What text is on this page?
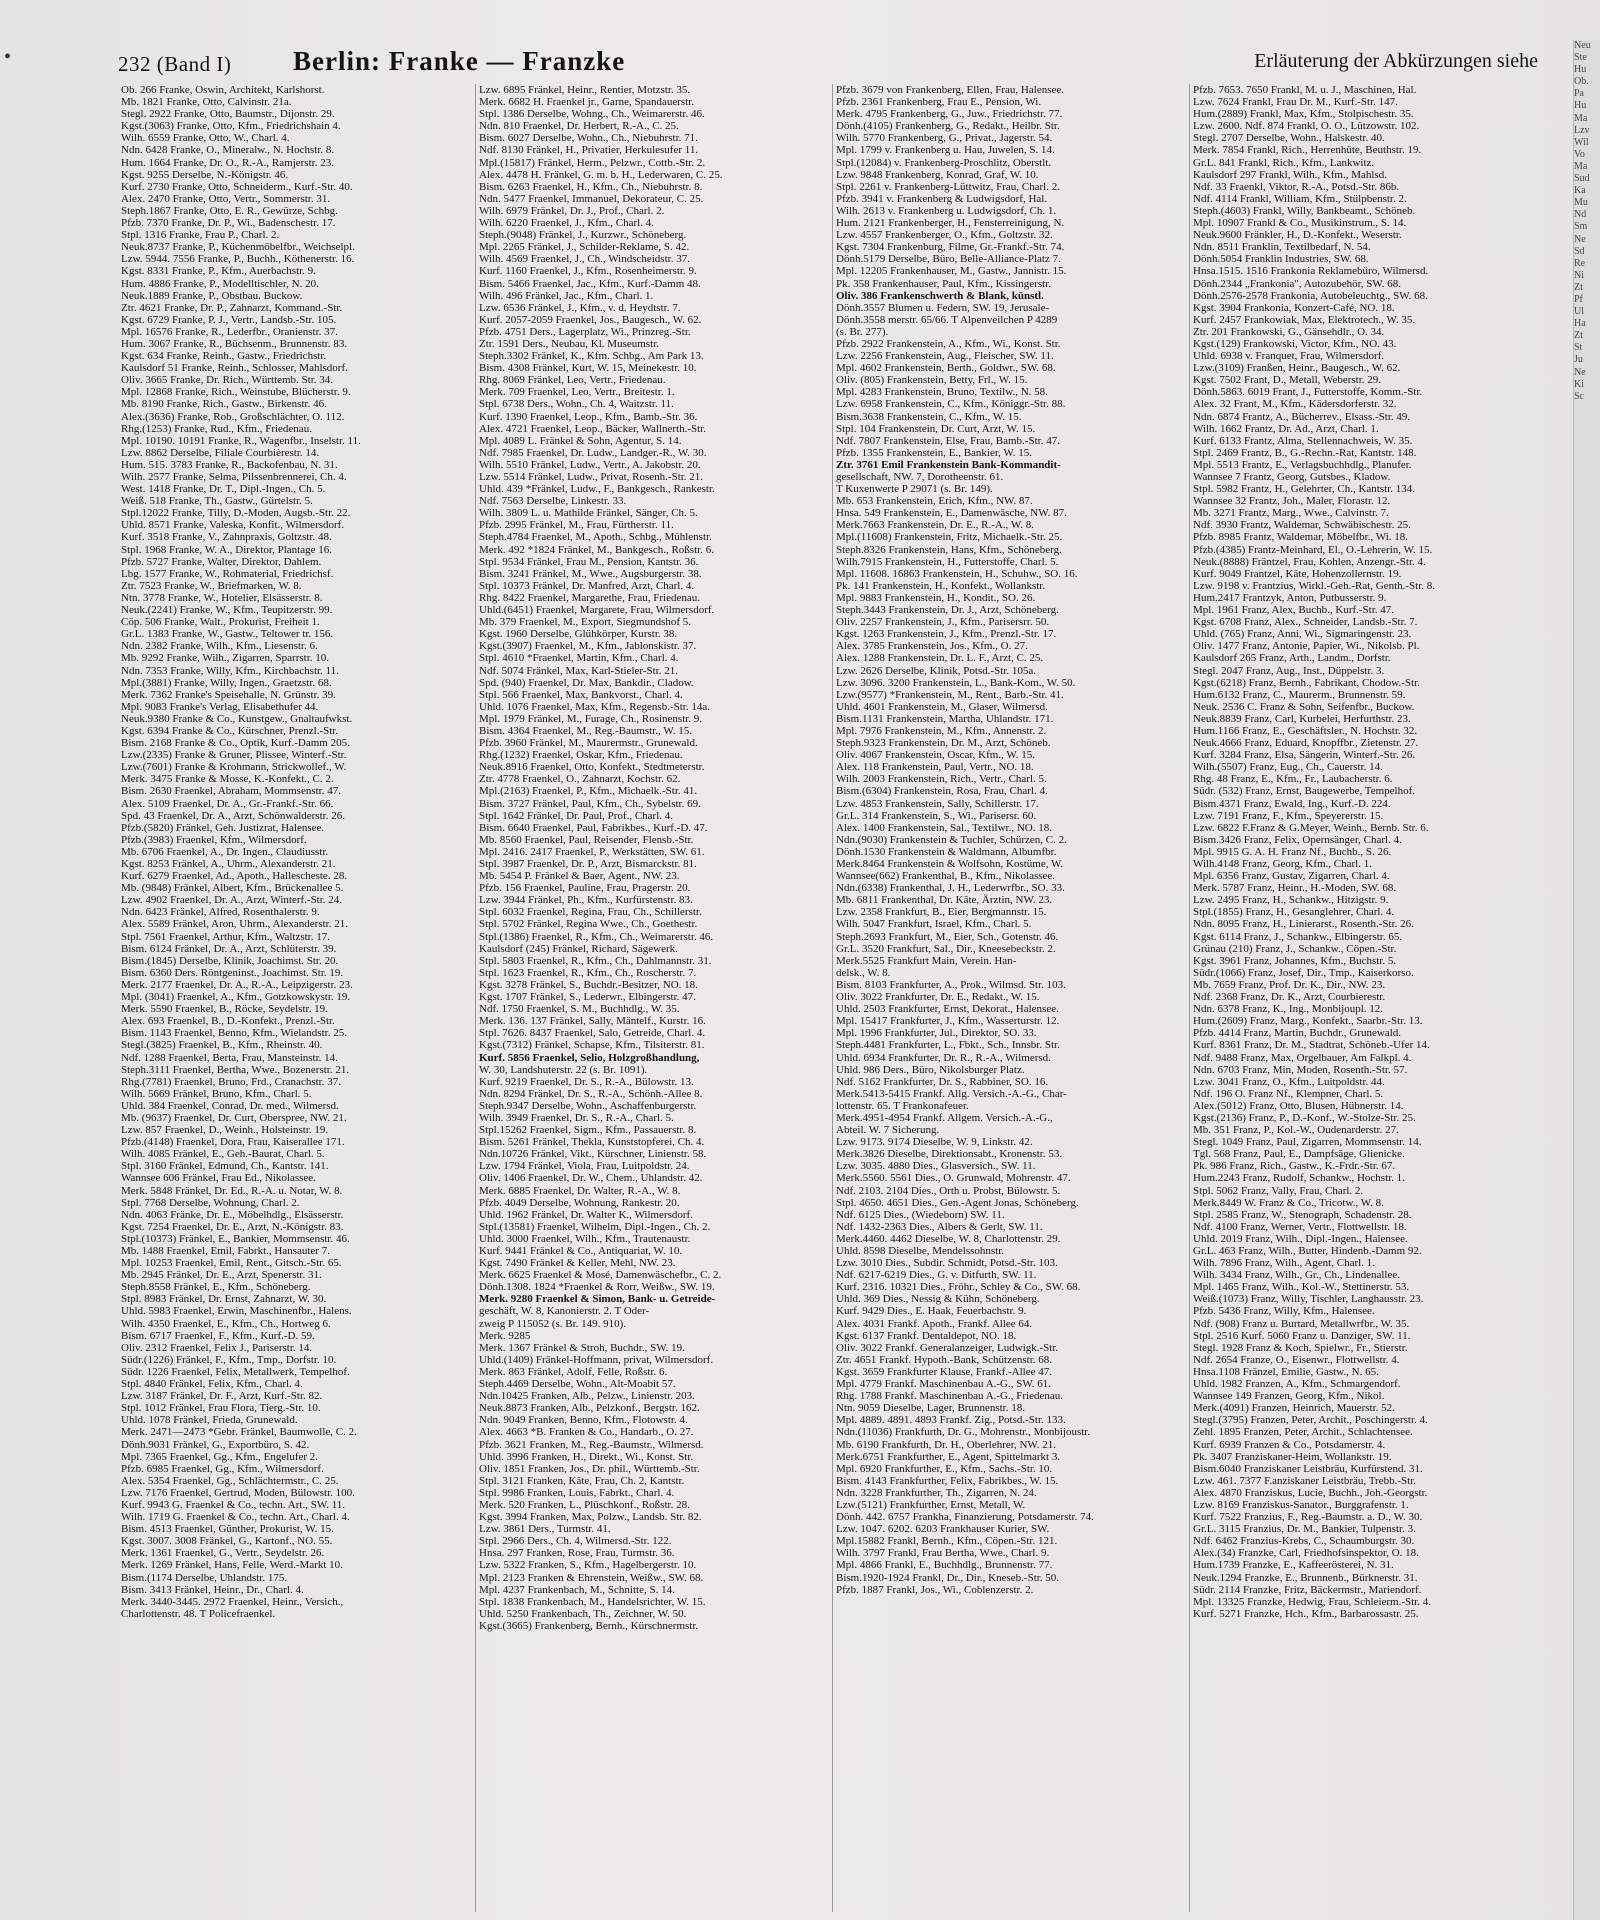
•	232 (Band I) Berlin: Franke — Franzke	Erläuterung der Abkürzungen siehe
Ob. 266 Franke, Oswin, Architekt, Karlshorst.
Mb. 1821 Franke, Otto, Calvinstr. 21a.
Stegl. 2922 Franke, Otto, Baumstr., Dijonstr. 29.
Kgst.(3063) Franke, Otto, Kfm., Friedrichshain 4.
Wilh. 6559 Franke, Otto, W., Charl. 4.
Ndn. 6428 Franke, O., Mineralw., N. Hochstr. 8.
Hum. 1664 Franke, Dr. O., R.-A., Ramjerstr. 23.
Kgst. 9255 Derselbe, N.-Königstr. 46.
Kurf. 2730 Franke, Otto, Schneiderm., Kurf.-Str. 40.
Alex. 2470 Franke, Otto, Vertr., Sommerstr. 31.
Steph.1867 Franke, Otto, E. R., Gewürze, Schbg.
Pfzb. 7370 Franke, Dr. P., Wi., Badenschestr. 17.
Stpl. 1316 Franke, Frau P., Charl. 2.
Neuk.8737 Franke, P., Küchenmöbelfbr., Weichselpl.
Lzw. 5944. 7556 Franke, P., Buchh., Köthenerstr. 16.
Kgst. 8331 Franke, P., Kfm., Auerbachstr. 9.
Hum. 4886 Franke, P., Modelltischler, N. 20.
Neuk.1889 Franke, P., Obstbau. Buckow.
Ztr. 4621 Franke, Dr. P., Zahnarzt, Kommand.-Str.
Kgst. 6729 Franke, P. J., Vertr., Landsb.-Str. 105.
Mpl. 16576 Franke, R., Lederfbr., Oranienstr. 37.
Hum. 3067 Franke, R., Büchsenm., Brunnenstr. 83.
Kgst. 634 Franke, Reinh., Gastw., Friedrichstr.
Kaulsdorf 51 Franke, Reinh., Schlosser, Mahlsdorf.
Oliv. 3665 Franke, Dr. Rich., Württemb. Str. 34.
Mpl. 12868 Franke, Rich., Weinstube, Blücherstr. 9.
Mb. 8190 Franke, Rich., Gastw., Birkenstr. 46.
Alex.(3636) Franke, Rob., Großschlächter, O. 112.
Rhg.(1253) Franke, Rud., Kfm., Friedenau.
Mpl. 10190. 10191 Franke, R., Wagenfbr., Inselstr. 11.
Lzw. 8862 Derselbe, Filiale Courbièrestr. 14.
Hum. 515. 3783 Franke, R., Backofenbau, N. 31.
Wilh. 2577 Franke, Selma, Pilssenbrennerei, Ch. 4.
West. 1418 Franke, Dr. T., Dipl.-Ingen., Ch. 5.
Weiß. 518 Franke, Th., Gastw., Gürtelstr. 5.
Stpl.12022 Franke, Tilly, D.-Moden, Augsb.-Str. 22.
Uhld. 8571 Franke, Valeska, Konfit., Wilmersdorf.
Kurf. 3518 Franke, V., Zahnpraxis, Goltzstr. 48.
Stpl. 1968 Franke, W. A., Direktor, Plantage 16.
Pfzb. 5727 Franke, Walter, Direktor, Dahlem.
Lbg. 1577 Franke, W., Rohmaterial, Friedrichsf.
Ztr. 7523 Franke, W., Briefmarken, W. 8.
Ntn. 3778 Franke, W., Hotelier, Elsässerstr. 8.
Neuk.(2241) Franke, W., Kfm., Teupitzerstr. 99.
Cöp. 506 Franke, Walt., Prokurist, Freiheit 1.
Gr.L. 1383 Franke, W., Gastw., Teltower tr. 156.
Ndn. 2382 Franke, Wilh., Kfm., Liesenstr. 6.
Mb. 9292 Franke, Wilh., Zigarren, Sparrstr. 10.
Ndn. 7353 Franke, Willy, Kfm., Kirchbachstr. 11.
Mpl.(3881) Franke, Willy, Ingen., Graetzstr. 68.
Merk. 7362 Franke's Speisehalle, N. Grünstr. 39.
Mpl. 9083 Franke's Verlag, Elisabethufer 44.
Neuk.9380 Franke & Co., Kunstgew., Gnaltaufwkst.
Kgst. 6394 Franke & Co., Kürschner, Prenzl.-Str.
Bism. 2168 Franke & Co., Optik, Kurf.-Damm 205.
Lzw.(2335) Franke & Gruner, Plissee, Winterf.-Str.
Lzw.(7601) Franke & Krohmann, Strickwollef., W.
Merk. 3475 Franke & Mosse, K.-Konfekt., C. 2.
Bism. 2630 Fraenkel, Abraham, Mommsenstr. 47.
Alex. 5109 Fraenkel, Dr. A., Gr.-Frankf.-Str. 66.
Spd. 43 Fraenkel, Dr. A., Arzt, Schönwalderstr. 26.
Pfzb.(5820) Fränkel, Geh. Justizrat, Halensee.
Pfzb.(3983) Fraenkel, Kfm., Wilmersdorf.
Mb. 6706 Fraenkel, A., Dr. Ingen., Claudiusstr.
Kgst. 8253 Fränkel, A., Uhrm., Alexanderstr. 21.
Kurf. 6279 Fraenkel, Ad., Apoth., Hallescheste. 28.
Mb. (9848) Fränkel, Albert, Kfm., Brückenallee 5.
Lzw. 4902 Fraenkel, Dr. A., Arzt, Winterf.-Str. 24.
Ndn. 6423 Fränkel, Alfred, Rosenthalerstr. 9.
Alex. 5589 Fränkel, Aron, Uhrm., Alexanderstr. 21.
Stpl. 7561 Fraenkel, Arthur, Kfm., Waltzstr. 17.
Bism. 6124 Fränkel, Dr. A., Arzt, Schlüterstr. 39.
Bism.(1845) Derselbe, Klinik, Joachimst. Str. 20.
Bism. 6360 Ders. Röntgeninst., Joachimst. Str. 19.
Merk. 2177 Fraenkel, Dr. A., R.-A., Leipzigerstr. 23.
Mpl. (3041) Fraenkel, A., Kfm., Gotzkowskystr. 19.
Merk. 5590 Fraenkel, B., Röcke, Seydelstr. 19.
Alex. 693 Fraenkel, B., D.-Konfekt., Prenzl.-Str.
Bism. 1143 Fraenkel, Benno, Kfm., Wielandstr. 25.
Stegl.(3825) Fraenkel, B., Kfm., Rheinstr. 40.
Ndf. 1288 Fraenkel, Berta, Frau, Mansteinstr. 14.
Steph.3111 Fraenkel, Bertha, Wwe., Bozenerstr. 21.
Rhg.(7781) Fraenkel, Bruno, Frd., Cranachstr. 37.
Wilh. 5669 Fränkel, Bruno, Kfm., Charl. 5.
Uhld. 384 Fraenkel, Conrad, Dr. med., Wilmersd.
Mb. (9637) Fraenkel, Dr. Curt, Oberspree, NW. 21.
Lzw. 857 Fraenkel, D., Weinh., Holsteinstr. 19.
Pfzb.(4148) Fraenkel, Dora, Frau, Kaiserallee 171.
Wilh. 4085 Fränkel, E., Geh.-Baurat, Charl. 5.
Stpl. 3160 Fränkel, Edmund, Ch., Kantstr. 141.
Wannsee 606 Fränkel, Frau Ed., Nikolassee.
Merk. 5848 Fränkel, Dr. Ed., R.-A. u. Notar, W. 8.
Stpl. 7768 Derselbe, Wohnung, Charl. 2.
Ndn. 4063 Fränke, Dr. E., Möbelhdlg., Elsässerstr.
Kgst. 7254 Fraenkel, Dr. E., Arzt, N.-Königstr. 83.
Stpl.(10373) Fränkel, E., Bankier, Mommsenstr. 46.
Mb. 1488 Fraenkel, Emil, Fabrkt., Hansauter 7.
Mpl. 10253 Fraenkel, Emil, Rent., Gitsch.-Str. 65.
Mb. 2945 Fränkel, Dr. E., Arzt, Spenerstr. 31.
Steph.8558 Fränkel, E., Kfm., Schöneberg.
Stpl. 8983 Fränkel, Dr. Ernst, Zahnarzt, W. 30.
Uhld. 5983 Fraenkel, Erwin, Maschinenfbr., Halens.
Wilh. 4350 Fraenkel, E., Kfm., Ch., Hortweg 6.
Bism. 6717 Fraenkel, F., Kfm., Kurf.-D. 59.
Oliv. 2312 Fraenkel, Felix J., Pariserstr. 14.
Südr.(1226) Fränkel, F., Kfm., Tmp., Dorfstr. 10.
Südr. 1226 Fraenkel, Felix, Metallwerk, Tempelhof.
Stpl. 4840 Fränkel, Felix, Kfm., Charl. 4.
Lzw. 3187 Fränkel, Dr. F., Arzt, Kurf.-Str. 82.
Stpl. 1012 Fränkel, Frau Flora, Tierg.-Str. 10.
Uhld. 1078 Fränkel, Frieda, Grunewald.
Merk. 2471—2473 *Gebr. Fränkel, Baumwolle, C. 2.
Dönh.9031 Fränkel, G., Exportbüro, S. 42.
Mpl. 7365 Fraenkel, Gg., Kfm., Engelufer 2.
Pfzb. 6985 Fraenkel, Gg., Kfm., Wilmersdorf.
Alex. 5354 Fraenkel, Gg., Schlächtermstr., C. 25.
Lzw. 7176 Fraenkel, Gertrud, Moden, Bülowstr. 100.
Kurf. 9943 G. Fraenkel & Co., techn. Art., SW. 11.
Wilh. 1719 G. Fraenkel & Co., techn. Art., Charl. 4.
Bism. 4513 Fraenkel, Günther, Prokurist, W. 15.
Kgst. 3007. 3008 Fränkel, G., Kartonf., NO. 55.
Merk. 1361 Fraenkel, G., Vertr., Seydelstr. 26.
Merk. 1269 Fränkel, Hans, Felle, Werd.-Markt 10.
Bism.(1174 Derselbe, Uhlandstr. 175.
Bism. 3413 Fränkel, Heinr., Dr., Charl. 4.
Merk. 3440-3445. 2972 Fraenkel, Heinr., Versich.,
Charlottenstr. 48. T Policefraenkel.
Lzw. 6895 Fränkel, Heinr., Rentier, Motzstr. 35.
Merk. 6682 H. Fraenkel jr., Garne, Spandauerstr.
Stpl. 1386 Derselbe, Wohng., Ch., Weimarerstr. 46.
Ndn. 810 Fraenkel, Dr. Herbert, R.-A., C. 25.
Bism. 6027 Derselbe, Wohn., Ch., Niebuhrstr. 71.
Ndf. 8130 Fränkel, H., Privatier, Herkulesufer 11.
Mpl.(15817) Fränkel, Herm., Pelzwr., Cottb.-Str. 2.
Alex. 4478 H. Fränkel, G. m. b. H., Lederwaren, C. 25.
Bism. 6263 Fraenkel, H., Kfm., Ch., Niebuhrstr. 8.
Ndn. 5477 Fraenkel, Immanuel, Dekorateur, C. 25.
Wilh. 6979 Fränkel, Dr. J., Prof., Charl. 2.
Wilh. 6220 Fraenkel, J., Kfm., Charl. 4.
Steph.(9048) Fränkel, J., Kurzwr., Schöneberg.
Mpl. 2265 Fränkel, J., Schilder-Reklame, S. 42.
Wilh. 4569 Fraenkel, J., Ch., Windscheidstr. 37.
Kurf. 1160 Fraenkel, J., Kfm., Rosenheimerstr. 9.
Bism. 5466 Fraenkel, Jac., Kfm., Kurf.-Damm 48.
Wilh. 496 Fränkel, Jac., Kfm., Charl. 1.
Lzw. 6536 Fränkel, J., Kfm., v. d. Heydtstr. 7.
Kurf. 2057-2059 Fraenkel, Jos., Baugesch., W. 62.
Pfzb. 4751 Ders., Lagerplatz, Wi., Prinzreg.-Str.
Ztr. 1591 Ders., Neubau, Kl. Museumstr.
Steph.3302 Fränkel, K., Kfm. Schbg., Am Park 13.
Bism. 4308 Fränkel, Kurt, W. 15, Meinekestr. 10.
Rhg. 8069 Fränkel, Leo, Vertr., Friedenau.
Merk. 709 Fraenkel, Leo, Vertr., Breitestr. 1.
Stpl. 6738 Ders., Wohn., Ch. 4, Waitzstr. 11.
Kurf. 1390 Fraenkel, Leop., Kfm., Bamb.-Str. 36.
Alex. 4721 Fraenkel, Leop., Bäcker, Wallnerth.-Str.
Mpl. 4089 L. Fränkel & Sohn, Agentur, S. 14.
Ndf. 7985 Fraenkel, Dr. Ludw., Landger.-R., W. 30.
Wilh. 5510 Fränkel, Ludw., Vertr., A. Jakobstr. 20.
Lzw. 5514 Fränkel, Ludw., Privat, Rosenh.-Str. 21.
Uhld. 439 *Fränkel, Ludw., F., Bankgesch., Rankestr.
Ndf. 7563 Derselbe, Linkestr. 33.
Wilh. 3809 L. u. Mathilde Fränkel, Sänger, Ch. 5.
Pfzb. 2995 Fränkel, M., Frau, Fürtherstr. 11.
Steph.4784 Fraenkel, M., Apoth., Schbg., Mühlenstr.
Merk. 492 *1824 Fränkel, M., Bankgesch., Roßstr. 6.
Stpl. 9534 Fränkel, Frau M., Pension, Kantstr. 36.
Bism. 3241 Fränkel, M., Wwe., Augsburgerstr. 38.
Stpl. 10373 Fränkel, Dr. Manfred, Arzt, Charl. 4.
Rhg. 8422 Fraenkel, Margarethe, Frau, Friedenau.
Uhld.(6451) Fraenkel, Margarete, Frau, Wilmersdorf.
Mb. 379 Fraenkel, M., Export, Siegmundshof 5.
Kgst. 1960 Derselbe, Glühkörper, Kurstr. 38.
Kgst.(3907) Fraenkel, M., Kfm., Jablonskistr. 37.
Stpl. 4610 *Fraenkel, Martin, Kfm., Charl. 4.
Ndf. 5074 Fränkel, Max, Karl-Stieler-Str. 21.
Spd. (940) Fraenkel, Dr. Max, Bankdir., Cladow.
Stpl. 566 Fraenkel, Max, Bankvorst., Charl. 4.
Uhld. 1076 Fraenkel, Max, Kfm., Regensb.-Str. 14a.
Mpl. 1979 Fränkel, M., Furage, Ch., Rosinenstr. 9.
Bism. 4364 Fraenkel, M., Reg.-Baumstr., W. 15.
Pfzb. 3960 Fränkel, M., Maurermstr., Grunewald.
Rhg.(1232) Fraenkel, Oskar, Kfm., Friedenau.
Neuk.8916 Fraenkel, Otto, Konfekt., Stedtmeterstr.
Ztr. 4778 Fraenkel, O., Zahnarzt, Kochstr. 62.
Mpl.(2163) Fraenkel, P., Kfm., Michaelk.-Str. 41.
Bism. 3727 Fränkel, Paul, Kfm., Ch., Sybelstr. 69.
Stpl. 1642 Fränkel, Dr. Paul, Prof., Charl. 4.
Bism. 6640 Fraenkel, Paul, Fabrikbes., Kurf.-D. 47.
Mb. 8560 Fraenkel, Paul, Reisender, Flensb.-Str.
Mpl. 2416. 2417 Fraenkel, P., Werkstätten, SW. 61.
Stpl. 3987 Fraenkel, Dr. P., Arzt, Bismarckstr. 81.
Mb. 5454 P. Fränkel & Baer, Agent., NW. 23.
Pfzb. 156 Fraenkel, Pauline, Frau, Pragerstr. 20.
Lzw. 3944 Fränkel, Ph., Kfm., Kurfürstenstr. 83.
Stpl. 6032 Fraenkel, Regina, Frau, Ch., Schillerstr.
Stpl. 5702 Fränkel, Regina Wwe., Ch., Goethestr.
Stpl.(1386) Fraenkel, R., Kfm., Ch., Weimarerstr. 46.
Kaulsdorf (245) Fränkel, Richard, Sägewerk.
Stpl. 5803 Fraenkel, R., Kfm., Ch., Dahlmannstr. 31.
Stpl. 1623 Fraenkel, R., Kfm., Ch., Roscherstr. 7.
Kgst. 3278 Fränkel, S., Buchdr.-Besitzer, NO. 18.
Kgst. 1707 Fränkel, S., Lederwr., Elbingerstr. 47.
Ndf. 1750 Fraenkel, S. M., Buchhdlg., W. 35.
Merk. 136. 137 Fränkel, Sally, Mäntelf., Kurstr. 16.
Stpl. 7626. 8437 Fraenkel, Salo, Getreide, Charl. 4.
Kgst.(7312) Fränkel, Schapse, Kfm., Tilsiterstr. 81.
Kurf. 5856 Fraenkel, Selio, Holzgroßhandlung,
W. 30, Landshuterstr. 22 (s. Br. 1091).
Kurf. 9219 Fraenkel, Dr. S., R.-A., Bülowstr. 13.
Ndn. 8294 Fränkel, Dr. S., R.-A., Schönh.-Allee 8.
Steph.9347 Derselbe, Wohn., Aschaffenburgerstr.
Wilh. 3949 Fraenkel, Dr. S., R.-A., Charl. 5.
Stpl.15262 Fraenkel, Sigm., Kfm., Passauerstr. 8.
Bism. 5261 Fränkel, Thekla, Kunststopferei, Ch. 4.
Ndn.10726 Fränkel, Vikt., Kürschner, Linienstr. 58.
Lzw. 1794 Fränkel, Viola, Frau, Luitpoldstr. 24.
Oliv. 1406 Fraenkel, Dr. W., Chem., Uhlandstr. 42.
Merk. 6885 Fraenkel, Dr. Walter, R.-A., W. 8.
Pfzb. 4049 Derselbe, Wohnung, Rankestr. 20.
Uhld. 1962 Fränkel, Dr. Walter K., Wilmersdorf.
Stpl.(13581) Fraenkel, Wilhelm, Dipl.-Ingen., Ch. 2.
Uhld. 3000 Fraenkel, Wilh., Kfm., Trautenaustr.
Kurf. 9441 Fränkel & Co., Antiquariat, W. 10.
Kgst. 7490 Fränkel & Keller, Mehl, NW. 23.
Merk. 6625 Fraenkel & Mosé, Damenwäschefbr., C. 2.
Dönh.1308. 1824 *Fraenkel & Rorr, Weißw., SW. 19.
Merk. 9280 Fraenkel & Simon, Bank- u. Getreide-
geschäft, W. 8, Kanonierstr. 2. T Oder-
zweig P 115052 (s. Br. 149. 910).
Merk. 9285
Merk. 1367 Fränkel & Stroh, Buchdr., SW. 19.
Uhld.(1409) Fränkel-Hoffmann, privat, Wilmersdorf.
Merk. 863 Fränkel, Adolf, Felle, Roßstr. 6.
Steph.4469 Derselbe, Wohn., Alt-Moabit 57.
Ndn.10425 Franken, Alb., Pelzw., Linienstr. 203.
Neuk.8873 Franken, Alb., Pelzkonf., Bergstr. 162.
Ndn. 9049 Franken, Benno, Kfm., Flotowstr. 4.
Alex. 4663 *B. Franken & Co., Handarb., O. 27.
Pfzb. 3621 Franken, M., Reg.-Baumstr., Wilmersd.
Uhld. 3996 Franken, H., Direkt., Wi., Konst. Str.
Oliv. 1851 Franken, Jos., Dr. phil., Württemb.-Str.
Stpl. 3121 Franken, Käte, Frau, Ch. 2, Kantstr.
Stpl. 9986 Franken, Louis, Fabrkt., Charl. 4.
Merk. 520 Franken, L., Plüschkonf., Roßstr. 28.
Kgst. 3994 Franken, Max, Polzw., Landsb. Str. 82.
Lzw. 3861 Ders., Turmstr. 41.
Stpl. 2966 Ders., Ch. 4, Wilmersd.-Str. 122.
Hnsa. 297 Franken, Rose, Frau, Turmstr. 36.
Lzw. 5322 Franken, S., Kfm., Hagelbergerstr. 10.
Mpl. 2123 Franken & Ehrenstein, Weißw., SW. 68.
Mpl. 4237 Frankenbach, M., Schnitte, S. 14.
Stpl. 1838 Frankenbach, M., Handelsrichter, W. 15.
Uhld. 5250 Frankenbach, Th., Zeichner, W. 50.
Kgst.(3665) Frankenberg, Bernh., Kürschnermstr.
Pfzb. 3679 von Frankenberg, Ellen, Frau, Halensee.
Pfzb. 2361 Frankenberg, Frau E., Pension, Wi.
Merk. 4795 Frankenberg, G., Juw., Friedrichstr. 77.
Dönh.(4105) Frankenberg, G., Redakt., Heilbr. Str.
Wilh. 5770 Frankenberg, G., Privat., Jagerstr. 54.
Mpl. 1799 v. Frankenberg u. Hau, Juwelen, S. 14.
Stpl.(12084) v. Frankenberg-Proschlitz, Oberstlt.
Lzw. 9848 Frankenberg, Konrad, Graf, W. 10.
Stpl. 2261 v. Frankenberg-Lüttwitz, Frau, Charl. 2.
Pfzb. 3941 v. Frankenberg & Ludwigsdorf, Hal.
Wilh. 2613 v. Frankenberg u. Ludwigsdorf, Ch. 1.
Hum. 2121 Frankenberger, H., Fensterreinigung, N.
Lzw. 4557 Frankenberger, O., Kfm., Goltzstr. 32.
Kgst. 7304 Frankenburg, Filme, Gr.-Frankf.-Str. 74.
Dönh.5179 Derselbe, Büro, Belle-Alliance-Platz 7.
Mpl. 12205 Frankenhauser, M., Gastw., Jannistr. 15.
Pk. 358 Frankenhauser, Paul, Kfm., Kissingerstr.
Oliv. 386 Frankenschwerth & Blank, künstl.
Dönh.3557 Blumen u. Federn, SW. 19, Jerusale-
Dönh.3558 merstr. 65/66. T Alpenveilchen P 4289
(s. Br. 277).
Pfzb. 2922 Frankenstein, A., Kfm., Wi., Konst. Str.
Lzw. 2256 Frankenstein, Aug., Fleischer, SW. 11.
Mpl. 4602 Frankenstein, Berth., Goldwr., SW. 68.
Oliv. (805) Frankenstein, Betty, Frl., W. 15.
Mpl. 4283 Frankenstein, Bruno, Textilw., N. 58.
Lzw. 6958 Frankenstein, C., Kfm., Königgr.-Str. 88.
Bism.3638 Frankenstein, C., Kfm., W. 15.
Stpl. 104 Frankenstein, Dr. Curt, Arzt, W. 15.
Ndf. 7807 Frankenstein, Else, Frau, Bamb.-Str. 47.
Pfzb. 1355 Frankenstein, E., Bankier, W. 15.
Ztr. 3761 Emil Frankenstein Bank-Kommandit-
gesellschaft, NW. 7, Dorotheenstr. 61.
T Kuxenwerte P 29071 (s. Br. 149).
Mb. 653 Frankenstein, Erich, Kfm., NW. 87.
Hnsa. 549 Frankenstein, E., Damenwäsche, NW. 87.
Merk.7663 Frankenstein, Dr. E., R.-A., W. 8.
Mpl.(11608) Frankenstein, Fritz, Michaelk.-Str. 25.
Steph.8326 Frankenstein, Hans, Kfm., Schöneberg.
Wilh.7915 Frankenstein, H., Futterstoffe, Charl. 5.
Mpl. 11608. 16863 Frankenstein, H., Schuhw., SO. 16.
Pk. 141 Frankenstein, H., Konfekt., Wollankstr.
Mpl. 9883 Frankenstein, H., Kondit., SO. 26.
Steph.3443 Frankenstein, Dr. J., Arzt, Schöneberg.
Oliv. 2257 Frankenstein, J., Kfm., Parisersrr. 50.
Kgst. 1263 Frankenstein, J., Kfm., Prenzl.-Str. 17.
Alex. 3785 Frankenstein, Jos., Kfm., O. 27.
Alex. 1288 Frankenstein, Dr. L. F., Arzt, C. 25.
Lzw. 2626 Derselbe, Klinik, Potsd.-Str. 105a.
Lzw. 3096. 3200 Frankenstein, L., Bank-Kom., W. 50.
Lzw.(9577) *Frankenstein, M., Rent., Barb.-Str. 41.
Uhld. 4601 Frankenstein, M., Glaser, Wilmersd.
Bism.1131 Frankenstein, Martha, Uhlandstr. 171.
Mpl. 7976 Frankenstein, M., Kfm., Annenstr. 2.
Steph.9323 Frankenstein, Dr. M., Arzt, Schöneb.
Oliv. 4067 Frankenstein, Oscar, Kfm., W. 15.
Alex. 118 Frankenstein, Paul, Vertr., NO. 18.
Wilh. 2003 Frankenstein, Rich., Vertr., Charl. 5.
Bism.(6304) Frankenstein, Rosa, Frau, Charl. 4.
Lzw. 4853 Frankenstein, Sally, Schillerstr. 17.
Gr.L. 314 Frankenstein, S., Wi., Parisersr. 60.
Alex. 1400 Frankenstein, Sal., Textilwr., NO. 18.
Ndn.(9030) Frankenstein & Tuchler, Schürzen, C. 2.
Dönh.1530 Frankenstein & Waldmann, Albumfbr.
Merk.8464 Frankenstein & Wolfsohn, Kostüme, W.
Wannsee(662) Frankenthal, B., Kfm., Nikolassee.
Ndn.(6338) Frankenthal, J. H., Lederwrfbr., SO. 33.
Mb. 6811 Frankenthal, Dr. Käte, Ärztin, NW. 23.
Lzw. 2358 Frankfurt, B., Eier, Bergmannstr. 15.
Wilh. 5047 Frankfurt, Israel, Kfm., Charl. 5.
Steph.2693 Frankfurt, M., Eier, Sch., Gotenstr. 46.
Gr.L. 3520 Frankfurt, Sal., Dir., Kneesebeckstr. 2.
Merk.5525 Frankfurt Main, Verein. Han-
delsk., W. 8.
Bism. 8103 Frankfurter, A., Prok., Wilmsd. Str. 103.
Oliv. 3022 Frankfurter, Dr. E., Redakt., W. 15.
Uhld. 2503 Frankfurter, Ernst, Dekorat., Halensee.
Mpl. 15417 Frankfurter, J., Kfm., Wasserturstr. 12.
Mpl. 1996 Frankfurter, Jul., Direktor, SO. 33.
Steph.4481 Frankfurter, L., Fbkt., Sch., Innsbr. Str.
Uhld. 6934 Frankfurter, Dr. R., R.-A., Wilmersd.
Uhld. 986 Ders., Büro, Nikolsburger Platz.
Ndf. 5162 Frankfurter, Dr. S., Rabbiner, SO. 16.
Merk.5413-5415 Frankf. Allg. Versich.-A.-G., Char-
lottenstr. 65. T Frankonafeuer.
Merk.4951-4954 Frankf. Allgem. Versich.-A.-G.,
Abteil. W. 7 Sicherung.
Lzw. 9173. 9174 Dieselbe, W. 9, Linkstr. 42.
Merk.3826 Dieselbe, Direktionsabt., Kronenstr. 53.
Lzw. 3035. 4880 Dies., Glasversich., SW. 11.
Merk.5560. 5561 Dies., O. Grunwald, Mohrenstr. 47.
Ndf. 2103. 2104 Dies., Orth u. Probst, Bülowstr. 5.
Stpl. 4650. 4651 Dies., Gen.-Agent Jonas, Schöneberg.
Ndf. 6125 Dies., (Wiedeborn) SW. 11.
Ndf. 1432-2363 Dies., Albers & Gerlt, SW. 11.
Merk.4460. 4462 Dieselbe, W. 8, Charlottenstr. 29.
Uhld. 8598 Dieselbe, Mendelssohnstr.
Lzw. 3010 Dies., Subdir. Schmidt, Potsd.-Str. 103.
Ndf. 6217-6219 Dies., G. v. Ditfurth, SW. 11.
Kurf. 2316. 10321 Dies., Fröhr., Schley & Co., SW. 68.
Uhld. 369 Dies., Nessig & Kühn, Schöneberg.
Kurf. 9429 Dies., E. Haak, Feuerbachstr. 9.
Alex. 4031 Frankf. Apoth., Frankf. Allee 64.
Kgst. 6137 Frankf. Dentaldepot, NO. 18.
Oliv. 3022 Frankf. Generalanzeiger, Ludwigk.-Str.
Ztr. 4651 Frankf. Hypoth.-Bank, Schützenstr. 68.
Kgst. 3659 Frankfurter Klause, Frankf.-Allee 47.
Mpl. 4779 Frankf. Maschinenbau A.-G., SW. 61.
Rhg. 1788 Frankf. Maschinenbau A.-G., Friedenau.
Ntn. 9059 Dieselbe, Lager, Brunnenstr. 18.
Mpl. 4889. 4891. 4893 Frankf. Zig., Potsd.-Str. 133.
Ndn.(11036) Frankfurth, Dr. G., Mohrenstr., Monbijoustr.
Mb. 6190 Frankfurth, Dr. H., Oberlehrer, NW. 21.
Merk.6751 Frankfurther, E., Agent, Spittelmarkt 3.
Mpl. 6920 Frankfurther, E., Kfm., Sachs.-Str. 10.
Bism. 4143 Frankfurther, Felix, Fabrikbes., W. 15.
Ndn. 3228 Frankfurther, Th., Zigarren, N. 24.
Lzw.(5121) Frankfurther, Ernst, Metall, W.
Dönh. 442. 6757 Frankha, Finanzierung, Potsdamerstr. 74.
Lzw. 1047. 6202. 6203 Frankhauser Kurier, SW.
Mpl.15882 Frankl, Bernh., Kfm., Cöpen.-Str. 121.
Wilh. 3797 Frankl, Frau Bertha, Wwe., Charl. 9.
Mpl. 4866 Frankl, E., Buchhdlg., Brunnenstr. 77.
Bism.1920-1924 Frankl, Dr., Dir., Kneseb.-Str. 50.
Pfzb. 1887 Frankl, Jos., Wi., Coblenzerstr. 2.
Pfzb. 7653. 7650 Frankl, M. u. J., Maschinen, Hal.
Lzw. 7624 Frankl, Frau Dr. M., Kurf.-Str. 147.
Hum.(2889) Frankl, Max, Kfm., Stolpischestr. 35.
Lzw. 2600. Ndf. 874 Frankl, O. O., Lützowstr. 102.
Stegl. 2707 Derselbe, Wohn., Halskestr. 40.
Merk. 7854 Frankl, Rich., Herrenhüte, Beuthstr. 19.
Gr.L. 841 Frankl, Rich., Kfm., Lankwitz.
Kaulsdorf 297 Frankl, Wilh., Kfm., Mahlsd.
Ndf. 33 Fraenkl, Viktor, R.-A., Potsd.-Str. 86b.
Ndf. 4114 Frankl, William, Kfm., Stülpbenstr. 2.
Steph.(4603) Frankl, Willy, Bankbeamt., Schöneb.
Mpl. 10907 Frankl & Co., Musikinstrum., S. 14.
Neuk.9600 Fränkler, H., D.-Konfekt., Weserstr.
Ndn. 8511 Franklin, Textilbedarf, N. 54.
Dönh.5054 Franklin Industries, SW. 68.
Hnsa.1515. 1516 Frankonia Reklamebüro, Wilmersd.
Dönh.2344 „Frankonia", Autozubehör, SW. 68.
Dönh.2576-2578 Frankonia, Autobeleuchtg., SW. 68.
Kgst. 3904 Frankonia, Konzert-Café, NO. 18.
Kurf. 2457 Frankowiak, Max, Elektrotech., W. 35.
Ztr. 201 Frankowski, G., Gänsehdlr., O. 34.
Kgst.(129) Frankowski, Victor, Kfm., NO. 43.
Uhld. 6938 v. Franquet, Frau, Wilmersdorf.
Lzw.(3109) Franßen, Heinr., Baugesch., W. 62.
Kgst. 7502 Frant, D., Metall, Weberstr. 29.
Dönh.5863. 6019 Frant, J., Futterstoffe, Komm.-Str.
Alex. 32 Frant, M., Kfm., Kädersdorferstr. 32.
Ndn. 6874 Frantz, A., Bücherrev., Elsass.-Str. 49.
Wilh. 1662 Frantz, Dr. Ad., Arzt, Charl. 1.
Kurf. 6133 Frantz, Alma, Stellennachweis, W. 35.
Stpl. 2469 Frantz, B., G.-Rechn.-Rat, Kantstr. 148.
Mpl. 5513 Frantz, E., Verlagsbuchhdlg., Planufer.
Wannsee 7 Frantz, Georg, Gutsbes., Kladow.
Stpl. 5982 Frantz, H., Gelehrter, Ch., Kantstr. 134.
Wannsee 32 Frantz, Joh., Maler, Florastr. 12.
Mb. 3271 Frantz, Marg., Wwe., Calvinstr. 7.
Ndf. 3930 Frantz, Waldemar, Schwäbischestr. 25.
Pfzb. 8985 Frantz, Waldemar, Möbelfbr., Wi. 18.
Pfzb.(4385) Frantz-Meinhard, El., O.-Lehrerin, W. 15.
Neuk.(8888) Fräntzel, Frau, Kohlen, Anzengr.-Str. 4.
Kurf. 9049 Frantzel, Käte, Hohenzollernstr. 19.
Lzw. 9198 v. Frantzius, Wirkl.-Geh.-Rat, Genth.-Str. 8.
Hum.2417 Frantzyk, Anton, Putbusserstr. 9.
Mpl. 1961 Franz, Alex, Buchb., Kurf.-Str. 47.
Kgst. 6708 Franz, Alex., Schneider, Landsb.-Str. 7.
Uhld. (765) Franz, Anni, Wi., Sigmaringenstr. 23.
Oliv. 1477 Franz, Antonie, Papier, Wi., Nikolsb. Pl.
Kaulsdorf 265 Franz, Arth., Landm., Dorfstr.
Stegl. 2047 Franz, Aug., Inst., Düppelstr. 3.
Kgst.(6218) Franz, Bernh., Fabrikant, Chodow.-Str.
Hum.6132 Franz, C., Maurerm., Brunnenstr. 59.
Neuk. 2536 C. Franz & Sohn, Seifenfbr., Buckow.
Neuk.8839 Franz, Carl, Kurbelei, Herfurthstr. 23.
Hum.1166 Franz, E., Geschäftsler., N. Hochstr. 32.
Neuk.4666 Franz, Eduard, Knopffbr., Zietenstr. 27.
Kurf. 3284 Franz, Elsa, Sängerin, Winterf.-Str. 26.
Wilh.(5507) Franz, Eug., Ch., Cauerstr. 14.
Rhg. 48 Franz, E., Kfm., Fr., Laubacherstr. 6.
Südr. (532) Franz, Ernst, Baugewerbe, Tempelhof.
Bism.4371 Franz, Ewald, Ing., Kurf.-D. 224.
Lzw. 7191 Franz, F., Kfm., Speyererstr. 15.
Lzw. 6822 F.Franz & G.Meyer, Weinh., Bernb. Str. 6.
Bism.3426 Franz, Felix, Opernsänger, Charl. 4.
Mpl. 9915 G. A. H. Franz Nf., Buchb., S. 26.
Wilh.4148 Franz, Georg, Kfm., Charl. 1.
Mpl. 6356 Franz, Gustav, Zigarren, Charl. 4.
Merk. 5787 Franz, Heinr., H.-Moden, SW. 68.
Lzw. 2495 Franz, H., Schankw., Hitzigstr. 9.
Stpl.(1855) Franz, H., Gesanglehrer, Charl. 4.
Ndn. 8095 Franz, H., Linierarst., Rosenth.-Str. 26.
Kgst. 6114 Franz, J., Schankw., Elbingerstr. 65.
Grünau (210) Franz, J., Schankw., Cöpen.-Str.
Kgst. 3961 Franz, Johannes, Kfm., Buchstr. 5.
Südr.(1066) Franz, Josef, Dir., Tmp., Kaiserkorso.
Mb. 7659 Franz, Prof. Dr. K., Dir., NW. 23.
Ndf. 2368 Franz, Dr. K., Arzt, Courbierestr.
Ndn. 6378 Franz, K., Ing., Monbijoupl. 12.
Hum.(2609) Franz, Marg., Konfekt., Saarbr.-Str. 13.
Pfzb. 4414 Franz, Martin, Buchdr., Grunewald.
Kurf. 8361 Franz, Dr. M., Stadtrat, Schöneb.-Ufer 14.
Ndf. 9488 Franz, Max, Orgelbauer, Am Falkpl. 4.
Ndn. 6703 Franz, Min, Moden, Rosenth.-Str. 57.
Lzw. 3041 Franz, O., Kfm., Luitpoldstr. 44.
Ndf. 196 O. Franz Nf., Klempner, Charl. 5.
Alex.(5012) Franz, Otto, Blusen, Hübnerstr. 14.
Kgst.(2136) Franz, P., D.-Konf., W.-Stolze-Str. 25.
Mb. 351 Franz, P., Kol.-W., Oudenarderstr. 27.
Stegl. 1049 Franz, Paul, Zigarren, Mommsenstr. 14.
Tgl. 568 Franz, Paul, E., Dampfsäge, Glienicke.
Pk. 986 Franz, Rich., Gastw., K.-Frdr.-Str. 67.
Hum.2243 Franz, Rudolf, Schankw., Hochstr. 1.
Stpl. 5062 Franz, Vally, Frau, Charl. 2.
Merk.8449 W. Franz & Co., Tricotw., W. 8.
Stpl. 2585 Franz, W., Stenograph, Schadenstr. 28.
Ndf. 4100 Franz, Werner, Vertr., Flottwellstr. 18.
Uhld. 2019 Franz, Wilh., Dipl.-Ingen., Halensee.
Gr.L. 463 Franz, Wilh., Butter, Hindenb.-Damm 92.
Wilh. 7896 Franz, Wilh., Agent, Charl. 1.
Wilh. 3434 Franz, Wilh., Gr., Ch., Lindenallee.
Mpl. 1465 Franz, Wilh., Kol.-W., Stettinerstr. 53.
Weiß.(1073) Franz, Willy, Tischler, Langhausstr. 23.
Pfzb. 5436 Franz, Willy, Kfm., Halensee.
Ndf. (908) Franz u. Burtard, Metallwrfbr., W. 35.
Stpl. 2516 Kurf. 5060 Franz u. Danziger, SW. 11.
Stegl. 1928 Franz & Koch, Spielwr., Fr., Stierstr.
Ndf. 2654 Franze, O., Eisenwr., Flottwellstr. 4.
Hnsa.1108 Fränzel, Emilie, Gastw., N. 65.
Uhld. 1982 Franzen, A., Kfm., Schmargendorf.
Wannsee 149 Franzen, Georg, Kfm., Nikol.
Merk.(4091) Franzen, Heinrich, Mauerstr. 52.
Stegl.(3795) Franzen, Peter, Archit., Poschingerstr. 4.
Zehl. 1895 Franzen, Peter, Archit., Schlachtensee.
Kurf. 6939 Franzen & Co., Potsdamerstr. 4.
Pk. 3407 Franziskaner-Heim, Wollankstr. 19.
Bism.6040 Franziskaner Leistbräu, Kurfürstend. 31.
Lzw. 461. 7377 F.anziskaner Leistbräu, Trebb.-Str.
Alex. 4870 Franziskus, Lucie, Buchh., Joh.-Georgstr.
Lzw. 8169 Franziskus-Sanator., Burggrafenstr. 1.
Kurf. 7522 Franzius, F., Reg.-Baumstr. a. D., W. 30.
Gr.L. 3115 Franzius, Dr. M., Bankier, Tulpenstr. 3.
Ndf. 6462 Franzius-Krebs, C., Schaumburgstr. 30.
Alex.(34) Franzke, Carl, Friedhofsinspektor, O. 18.
Hum.1739 Franzke, E., Kaffeerösterei, N. 31.
Neuk.1294 Franzke, E., Brunnenb., Bürknerstr. 31.
Südr. 2114 Franzke, Fritz, Bäckermstr., Mariendorf.
Mpl. 13325 Franzke, Hedwig, Frau, Schleierm.-Str. 4.
Kurf. 5271 Franzke, Hch., Kfm., Barbarossastr. 25.
Neu
Ste
Hu
Ob.
Pa
Hu
Ma
Lzv
Wil
Vo
Ma
Sud
Ka
Mu
Nd
Sm
Ne
Sd
Re
Ni
Zt
Pf
Ul
Ha
Zt
St
Ju
Ne
Ki
Sc
